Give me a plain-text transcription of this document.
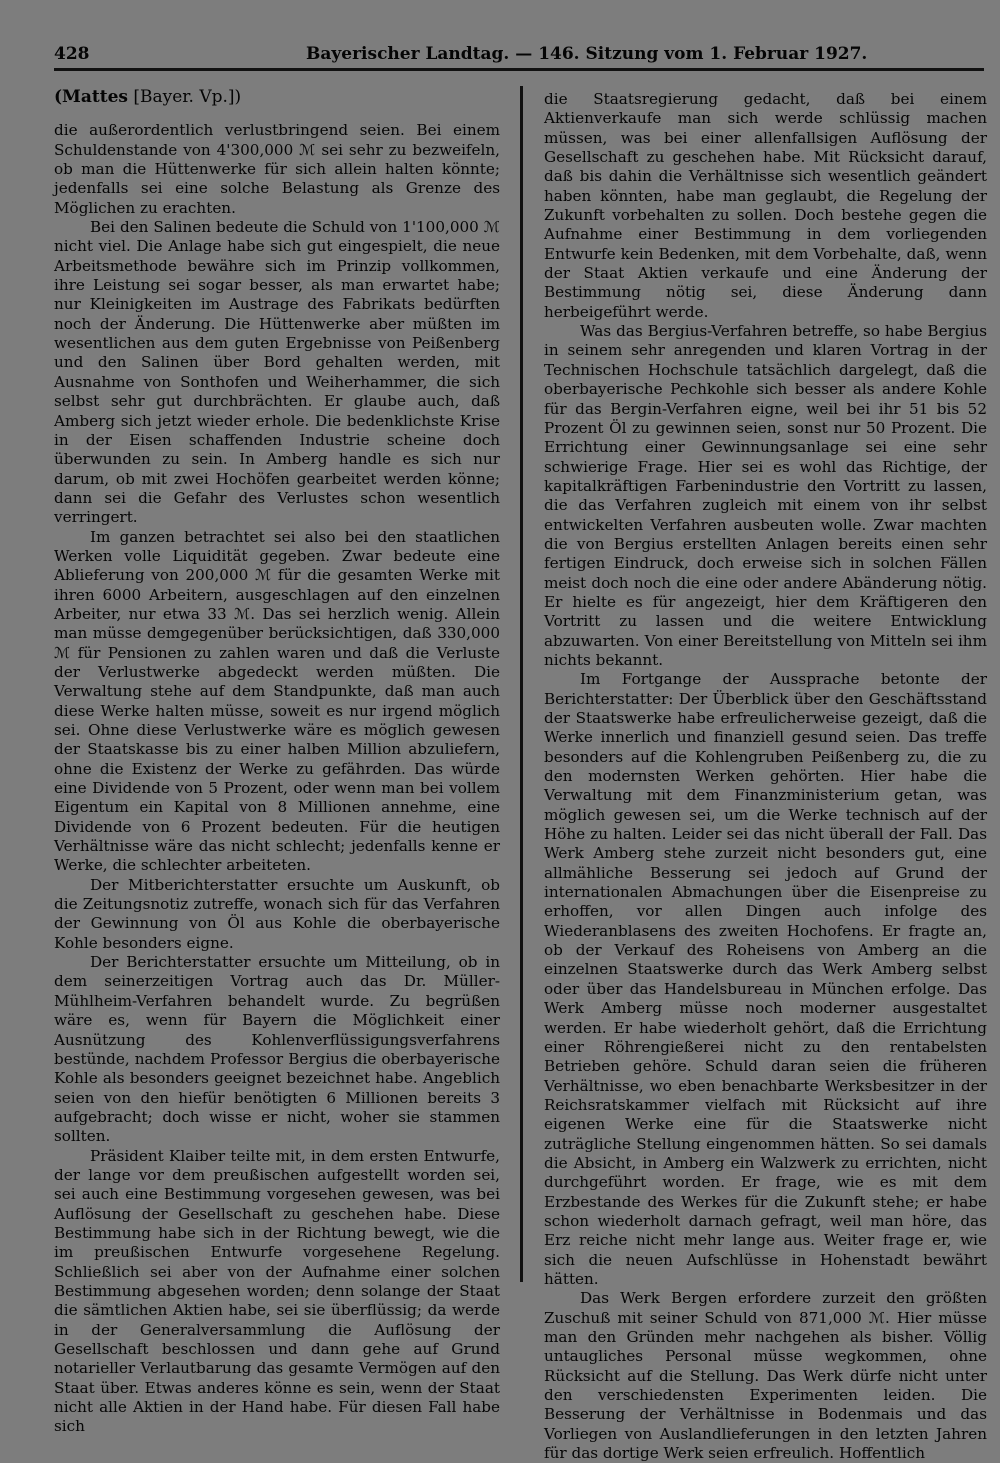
428	Bayerischer Landtag. — 146. Sitzung vom 1. Februar 1927.
(Mattes [Bayer. Vp.])

die außerordentlich verlustbringend seien. Bei einem Schuldenstande von 4'300,000 ℳ sei sehr zu bezweifeln, ob man die Hüttenwerke für sich allein halten könnte; jedenfalls sei eine solche Belastung als Grenze des Möglichen zu erachten.

Bei den Salinen bedeute die Schuld von 1'100,000 ℳ nicht viel. Die Anlage habe sich gut eingespielt, die neue Arbeitsmethode bewähre sich im Prinzip vollkommen, ihre Leistung sei sogar besser, als man erwartet habe; nur Kleinigkeiten im Austrage des Fabrikats bedürften noch der Änderung. Die Hüttenwerke aber müßten im wesentlichen aus dem guten Ergebnisse von Peißenberg und den Salinen über Bord gehalten werden, mit Ausnahme von Sonthofen und Weiherhammer, die sich selbst sehr gut durchbrächten. Er glaube auch, daß Amberg sich jetzt wieder erhole. Die bedenklichste Krise in der Eisen schaffenden Industrie scheine doch überwunden zu sein. In Amberg handle es sich nur darum, ob mit zwei Hochöfen gearbeitet werden könne; dann sei die Gefahr des Verlustes schon wesentlich verringert.

Im ganzen betrachtet sei also bei den staatlichen Werken volle Liquidität gegeben. Zwar bedeute eine Ablieferung von 200,000 ℳ für die gesamten Werke mit ihren 6000 Arbeitern, ausgeschlagen auf den einzelnen Arbeiter, nur etwa 33 ℳ. Das sei herzlich wenig. Allein man müsse demgegenüber berücksichtigen, daß 330,000 ℳ für Pensionen zu zahlen waren und daß die Verluste der Verlustwerke abgedeckt werden müßten. Die Verwaltung stehe auf dem Standpunkte, daß man auch diese Werke halten müsse, soweit es nur irgend möglich sei. Ohne diese Verlustwerke wäre es möglich gewesen der Staatskasse bis zu einer halben Million abzuliefern, ohne die Existenz der Werke zu gefährden. Das würde eine Dividende von 5 Prozent, oder wenn man bei vollem Eigentum ein Kapital von 8 Millionen annehme, eine Dividende von 6 Prozent bedeuten. Für die heutigen Verhältnisse wäre das nicht schlecht; jedenfalls kenne er Werke, die schlechter arbeiteten.

Der Mitberichterstatter ersuchte um Auskunft, ob die Zeitungsnotiz zutreffe, wonach sich für das Verfahren der Gewinnung von Öl aus Kohle die oberbayerische Kohle besonders eigne.

Der Berichterstatter ersuchte um Mitteilung, ob in dem seinerzeitigen Vortrag auch das Dr. Müller-Mühlheim-Verfahren behandelt wurde. Zu begrüßen wäre es, wenn für Bayern die Möglichkeit einer Ausnützung des Kohlenverflüssigungsverfahrens bestünde, nachdem Professor Bergius die oberbayerische Kohle als besonders geeignet bezeichnet habe. Angeblich seien von den hiefür benötigten 6 Millionen bereits 3 aufgebracht; doch wisse er nicht, woher sie stammen sollten.

Präsident Klaiber teilte mit, in dem ersten Entwurfe, der lange vor dem preußischen aufgestellt worden sei, sei auch eine Bestimmung vorgesehen gewesen, was bei Auflösung der Gesellschaft zu geschehen habe. Diese Bestimmung habe sich in der Richtung bewegt, wie die im preußischen Entwurfe vorgesehene Regelung. Schließlich sei aber von der Aufnahme einer solchen Bestimmung abgesehen worden; denn solange der Staat die sämtlichen Aktien habe, sei sie überflüssig; da werde in der Generalversammlung die Auflösung der Gesellschaft beschlossen und dann gehe auf Grund notarieller Verlautbarung das gesamte Vermögen auf den Staat über. Etwas anderes könne es sein, wenn der Staat nicht alle Aktien in der Hand habe. Für diesen Fall habe sich

die Staatsregierung gedacht, daß bei einem Aktienverkaufe man sich werde schlüssig machen müssen, was bei einer allenfallsigen Auflösung der Gesellschaft zu geschehen habe. Mit Rücksicht darauf, daß bis dahin die Verhältnisse sich wesentlich geändert haben könnten, habe man geglaubt, die Regelung der Zukunft vorbehalten zu sollen. Doch bestehe gegen die Aufnahme einer Bestimmung in dem vorliegenden Entwurfe kein Bedenken, mit dem Vorbehalte, daß, wenn der Staat Aktien verkaufe und eine Änderung der Bestimmung nötig sei, diese Änderung dann herbeigeführt werde.

Was das Bergius-Verfahren betreffe, so habe Bergius in seinem sehr anregenden und klaren Vortrag in der Technischen Hochschule tatsächlich dargelegt, daß die oberbayerische Pechkohle sich besser als andere Kohle für das Bergin-Verfahren eigne, weil bei ihr 51 bis 52 Prozent Öl zu gewinnen seien, sonst nur 50 Prozent. Die Errichtung einer Gewinnungsanlage sei eine sehr schwierige Frage. Hier sei es wohl das Richtige, der kapitalkräftigen Farbenindustrie den Vortritt zu lassen, die das Verfahren zugleich mit einem von ihr selbst entwickelten Verfahren ausbeuten wolle. Zwar machten die von Bergius erstellten Anlagen bereits einen sehr fertigen Eindruck, doch erweise sich in solchen Fällen meist doch noch die eine oder andere Abänderung nötig. Er hielte es für angezeigt, hier dem Kräftigeren den Vortritt zu lassen und die weitere Entwicklung abzuwarten. Von einer Bereitstellung von Mitteln sei ihm nichts bekannt.

Im Fortgange der Aussprache betonte der Berichterstatter: Der Überblick über den Geschäftsstand der Staatswerke habe erfreulicherweise gezeigt, daß die Werke innerlich und finanziell gesund seien. Das treffe besonders auf die Kohlengruben Peißenberg zu, die zu den modernsten Werken gehörten. Hier habe die Verwaltung mit dem Finanzministerium getan, was möglich gewesen sei, um die Werke technisch auf der Höhe zu halten. Leider sei das nicht überall der Fall. Das Werk Amberg stehe zurzeit nicht besonders gut, eine allmähliche Besserung sei jedoch auf Grund der internationalen Abmachungen über die Eisenpreise zu erhoffen, vor allen Dingen auch infolge des Wiederanblasens des zweiten Hochofens. Er fragte an, ob der Verkauf des Roheisens von Amberg an die einzelnen Staatswerke durch das Werk Amberg selbst oder über das Handelsbureau in München erfolge. Das Werk Amberg müsse noch moderner ausgestaltet werden. Er habe wiederholt gehört, daß die Errichtung einer Röhrengießerei nicht zu den rentabelsten Betrieben gehöre. Schuld daran seien die früheren Verhältnisse, wo eben benachbarte Werksbesitzer in der Reichsratskammer vielfach mit Rücksicht auf ihre eigenen Werke eine für die Staatswerke nicht zuträgliche Stellung eingenommen hätten. So sei damals die Absicht, in Amberg ein Walzwerk zu errichten, nicht durchgeführt worden. Er frage, wie es mit dem Erzbestande des Werkes für die Zukunft stehe; er habe schon wiederholt darnach gefragt, weil man höre, das Erz reiche nicht mehr lange aus. Weiter frage er, wie sich die neuen Aufschlüsse in Hohenstadt bewährt hätten.

Das Werk Bergen erfordere zurzeit den größten Zuschuß mit seiner Schuld von 871,000 ℳ. Hier müsse man den Gründen mehr nachgehen als bisher. Völlig untaugliches Personal müsse wegkommen, ohne Rücksicht auf die Stellung. Das Werk dürfe nicht unter den verschiedensten Experimenten leiden. Die Besserung der Verhältnisse in Bodenmais und das Vorliegen von Auslandlieferungen in den letzten Jahren für das dortige Werk seien erfreulich. Hoffentlich
